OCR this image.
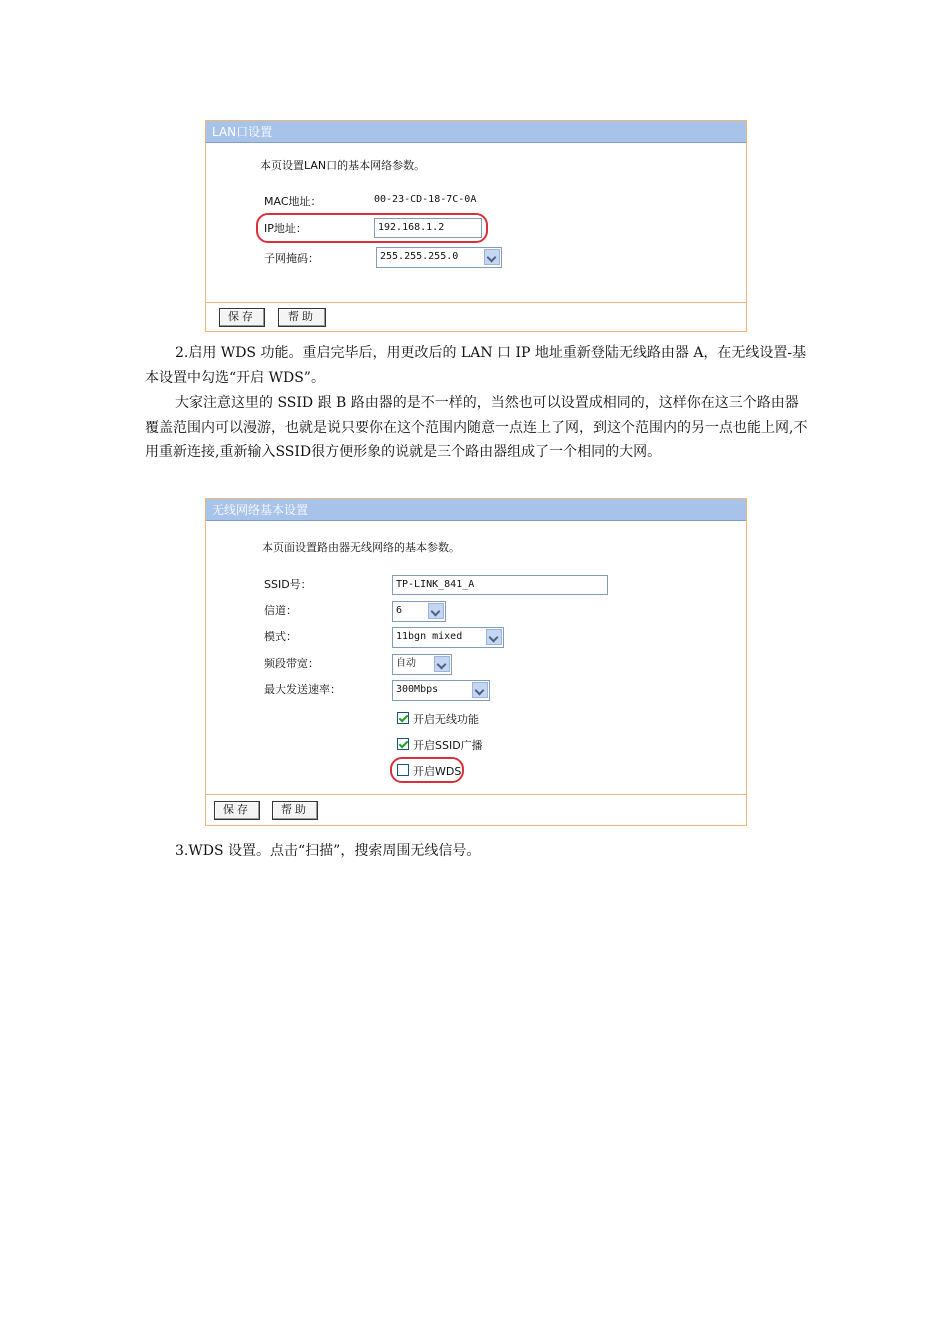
LAN口设置
本页设置LAN口的基本网络参数。
MAC地址：	00-23-CD-18-7C-0A
IP地址：	192.168.1.2
子网掩码：	255.255.255.0
保存	帮助

2.启用 WDS 功能。重启完毕后，用更改后的 LAN 口 IP 地址重新登陆无线路由器 A，在无线设置-基本设置中勾选“开启 WDS”。

大家注意这里的 SSID 跟 B 路由器的是不一样的，当然也可以设置成相同的，这样你在这三个路由器覆盖范围内可以漫游，也就是说只要你在这个范围内随意一点连上了网，到这个范围内的另一点也能上网,不用重新连接,重新输入SSID很方便形象的说就是三个路由器组成了一个相同的大网。

无线网络基本设置
本页面设置路由器无线网络的基本参数。
SSID号：	TP-LINK_841_A
信道：	6
模式：	11bgn mixed
频段带宽：	自动
最大发送速率：	300Mbps
开启无线功能
开启SSID广播
开启WDS
保存	帮助

3.WDS 设置。点击“扫描”，搜索周围无线信号。
